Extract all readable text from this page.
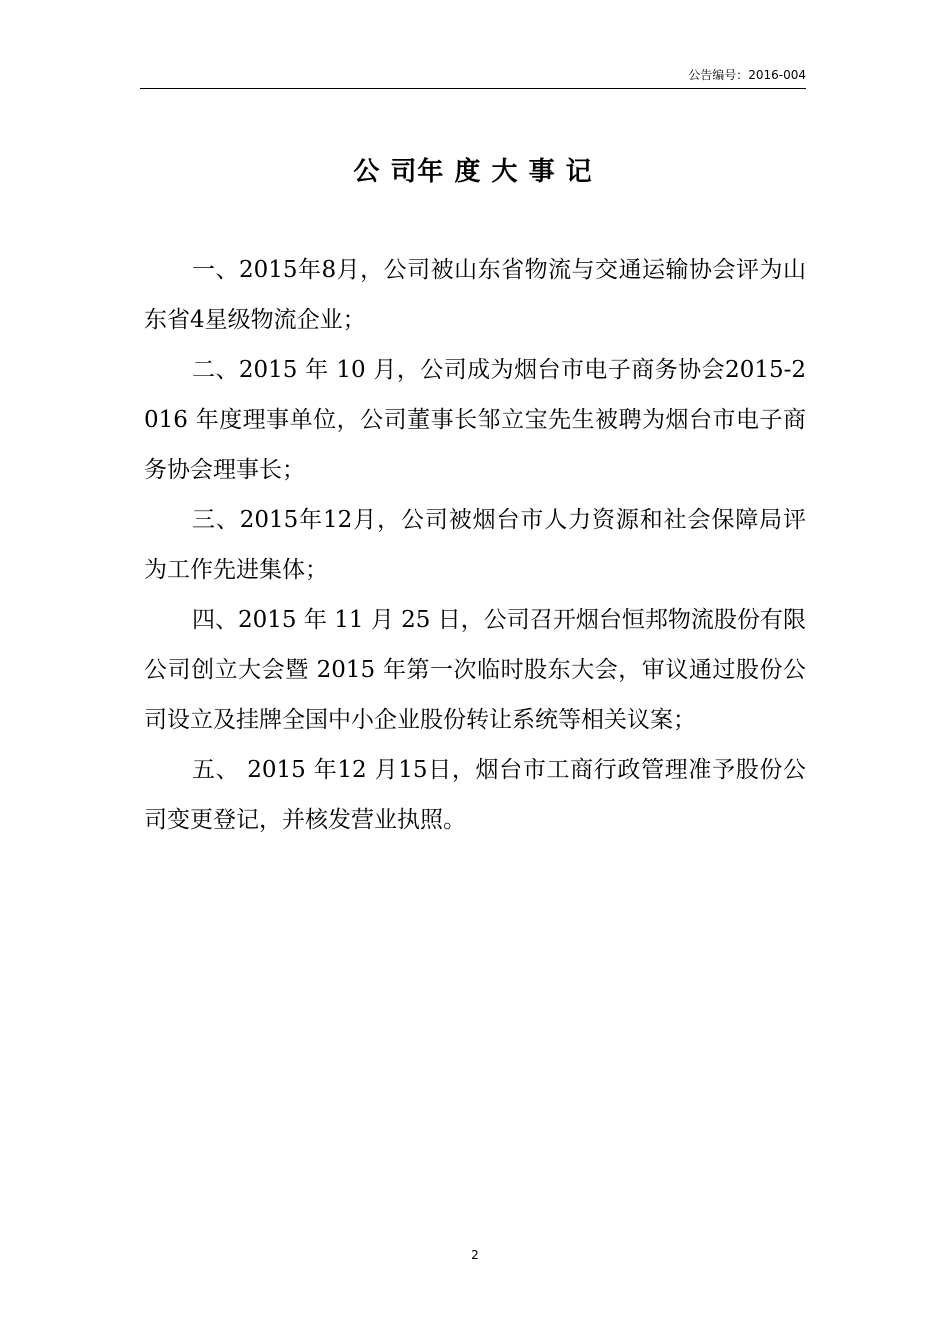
公告编号：2016-004
公 司年 度 大 事 记

一、2015年8月，公司被山东省物流与交通运输协会评为山东省4星级物流企业；

二、2015 年 10 月，公司成为烟台市电子商务协会2015-2016 年度理事单位，公司董事长邹立宝先生被聘为烟台市电子商务协会理事长；

三、2015年12月，公司被烟台市人力资源和社会保障局评为工作先进集体；

四、2015 年 11 月 25 日，公司召开烟台恒邦物流股份有限公司创立大会暨 2015 年第一次临时股东大会，审议通过股份公司设立及挂牌全国中小企业股份转让系统等相关议案；

五、 2015 年12 月15日，烟台市工商行政管理准予股份公司变更登记，并核发营业执照。

2
